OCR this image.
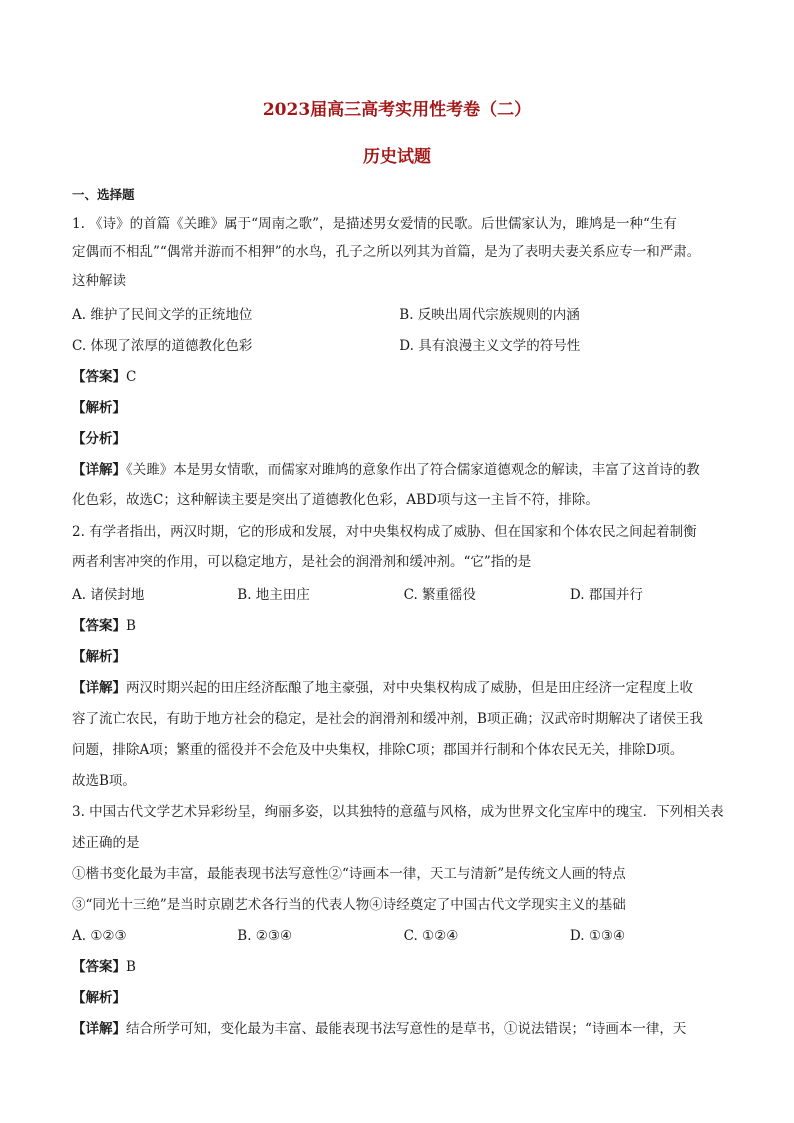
2023届高三高考实用性考卷（二）
历史试题
一、选择题
1. 《诗》的首篇《关雎》属于“周南之歌”，是描述男女爱情的民歌。后世儒家认为，雎鸠是一种“生有
定偶而不相乱”“偶常并游而不相狎”的水鸟，孔子之所以列其为首篇，是为了表明夫妻关系应专一和严肃。
这种解读
A. 维护了民间文学的正统地位	B. 反映出周代宗族规则的内涵
C. 体现了浓厚的道德教化色彩	D. 具有浪漫主义文学的符号性
【答案】C
【解析】
【分析】
【详解】《关雎》本是男女情歌，而儒家对雎鸠的意象作出了符合儒家道德观念的解读，丰富了这首诗的教
化色彩，故选C；这种解读主要是突出了道德教化色彩，ABD项与这一主旨不符，排除。
2. 有学者指出，两汉时期，它的形成和发展，对中央集权构成了威胁、但在国家和个体农民之间起着制衡
两者利害冲突的作用，可以稳定地方，是社会的润滑剂和缓冲剂。“它”指的是
A. 诸侯封地	B. 地主田庄	C. 繁重徭役	D. 郡国并行
【答案】B
【解析】
【详解】两汉时期兴起的田庄经济酝酿了地主豪强，对中央集权构成了威胁，但是田庄经济一定程度上收
容了流亡农民，有助于地方社会的稳定，是社会的润滑剂和缓冲剂，B项正确；汉武帝时期解决了诸侯王我
问题，排除A项；繁重的徭役并不会危及中央集权，排除C项；郡国并行制和个体农民无关，排除D项。
故选B项。
3. 中国古代文学艺术异彩纷呈，绚丽多姿，以其独特的意蕴与风格，成为世界文化宝库中的瑰宝．下列相关表
述正确的是
①楷书变化最为丰富，最能表现书法写意性②“诗画本一律，天工与清新”是传统文人画的特点
③“同光十三绝”是当时京剧艺术各行当的代表人物④诗经奠定了中国古代文学现实主义的基础
A. ①②③	B. ②③④	C. ①②④	D. ①③④
【答案】B
【解析】
【详解】结合所学可知，变化最为丰富、最能表现书法写意性的是草书，①说法错误；“诗画本一律，天
